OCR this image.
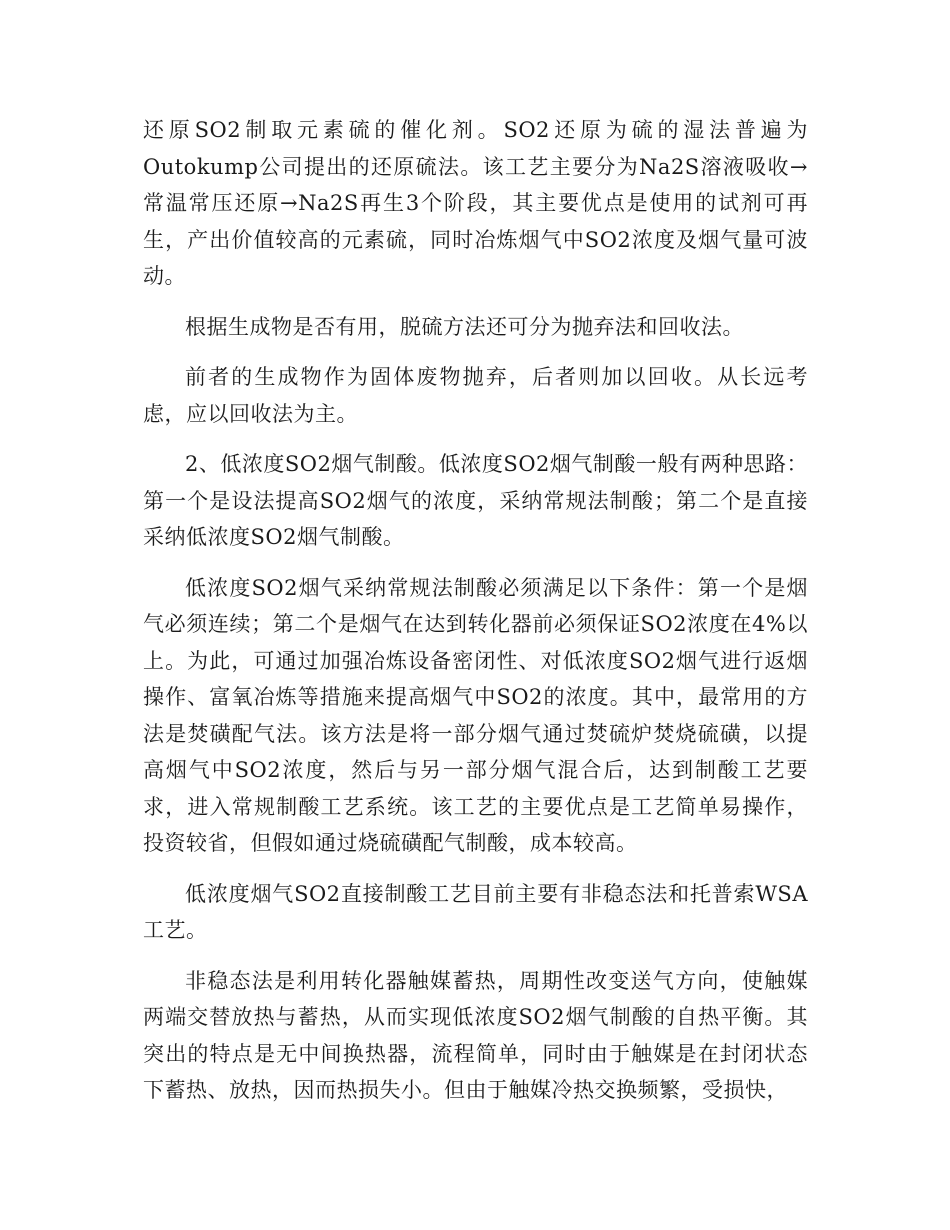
还原SO2制取元素硫的催化剂。SO2还原为硫的湿法普遍为Outokump公司提出的还原硫法。该工艺主要分为Na2S溶液吸收→常温常压还原→Na2S再生3个阶段，其主要优点是使用的试剂可再生，产出价值较高的元素硫，同时冶炼烟气中SO2浓度及烟气量可波动。

根据生成物是否有用，脱硫方法还可分为抛弃法和回收法。

前者的生成物作为固体废物抛弃，后者则加以回收。从长远考虑，应以回收法为主。

2、低浓度SO2烟气制酸。低浓度SO2烟气制酸一般有两种思路：第一个是设法提高SO2烟气的浓度，采纳常规法制酸；第二个是直接采纳低浓度SO2烟气制酸。

低浓度SO2烟气采纳常规法制酸必须满足以下条件：第一个是烟气必须连续；第二个是烟气在达到转化器前必须保证SO2浓度在4%以上。为此，可通过加强冶炼设备密闭性、对低浓度SO2烟气进行返烟操作、富氧冶炼等措施来提高烟气中SO2的浓度。其中，最常用的方法是焚磺配气法。该方法是将一部分烟气通过焚硫炉焚烧硫磺，以提高烟气中SO2浓度，然后与另一部分烟气混合后，达到制酸工艺要求，进入常规制酸工艺系统。该工艺的主要优点是工艺简单易操作，投资较省，但假如通过烧硫磺配气制酸，成本较高。

低浓度烟气SO2直接制酸工艺目前主要有非稳态法和托普索WSA工艺。

非稳态法是利用转化器触媒蓄热，周期性改变送气方向，使触媒两端交替放热与蓄热，从而实现低浓度SO2烟气制酸的自热平衡。其突出的特点是无中间换热器，流程简单，同时由于触媒是在封闭状态下蓄热、放热，因而热损失小。但由于触媒冷热交换频繁，受损快，
